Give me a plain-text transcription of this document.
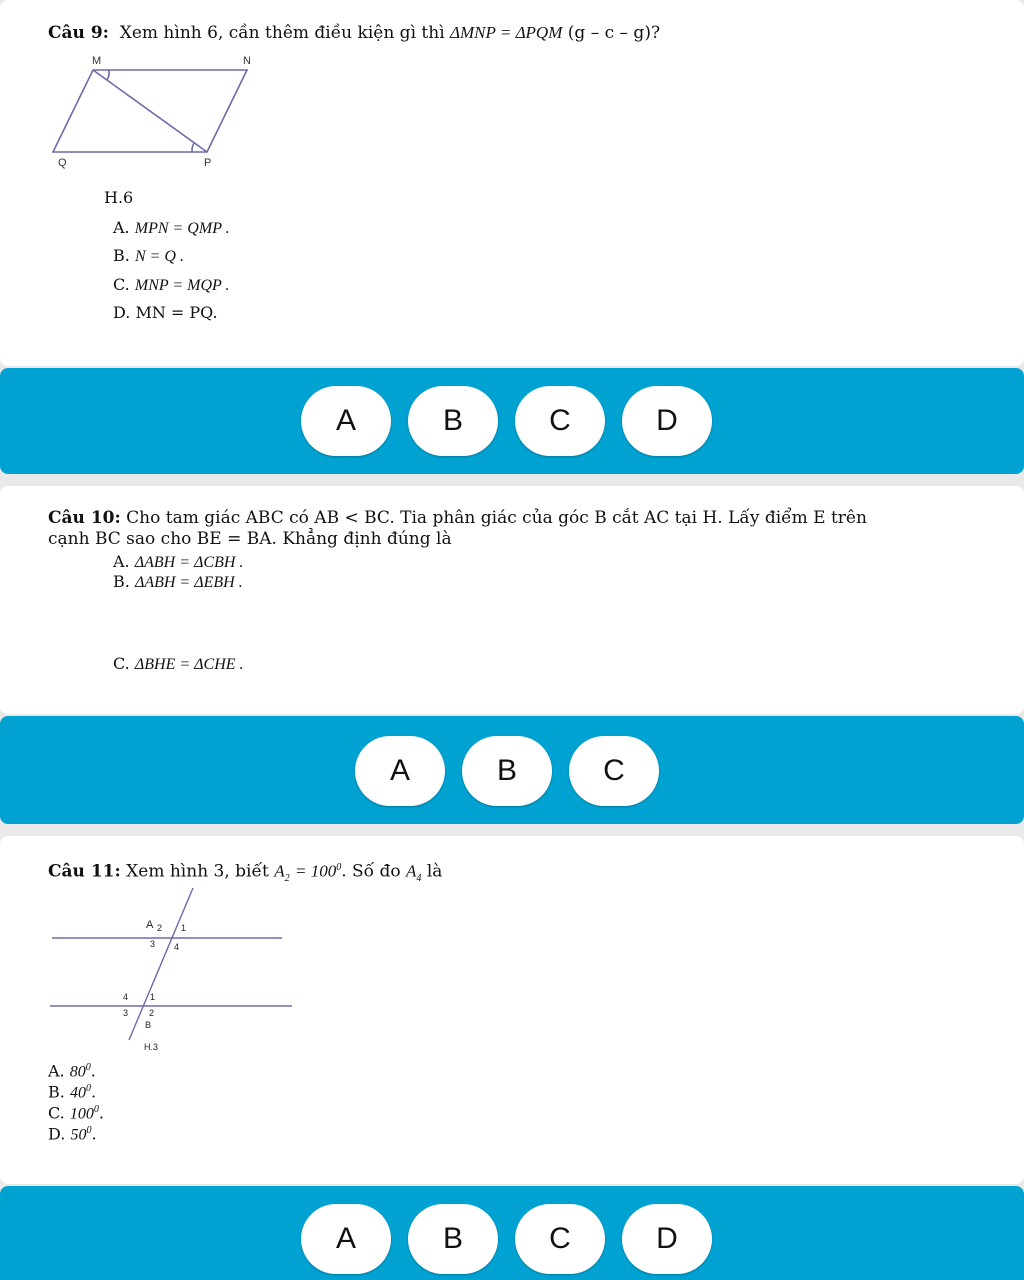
Câu 9: Xem hình 6, cần thêm điều kiện gì thì ΔMNP = ΔPQM (g – c – g)?

M	N
Q	P

H.6

A. MPN = QMP .

B. N = Q .

C. MNP = MQP .

D. MN = PQ.

A	B	C	D

Câu 10: Cho tam giác ABC có AB < BC. Tia phân giác của góc B cắt AC tại H. Lấy điểm E trên

cạnh BC sao cho BE = BA. Khẳng định đúng là

A. ΔABH = ΔCBH .

B. ΔABH = ΔEBH .

C. ΔBHE = ΔCHE .

A	B	C

Câu 11: Xem hình 3, biết $A_2 = 100^0$. Số đo $A_4$ là

A 2 1
3 4
4 1
3 2
B
H.3

A. $80^0$.

B. $40^0$.

C. $100^0$.

D. $50^0$.

A	B	C	D
